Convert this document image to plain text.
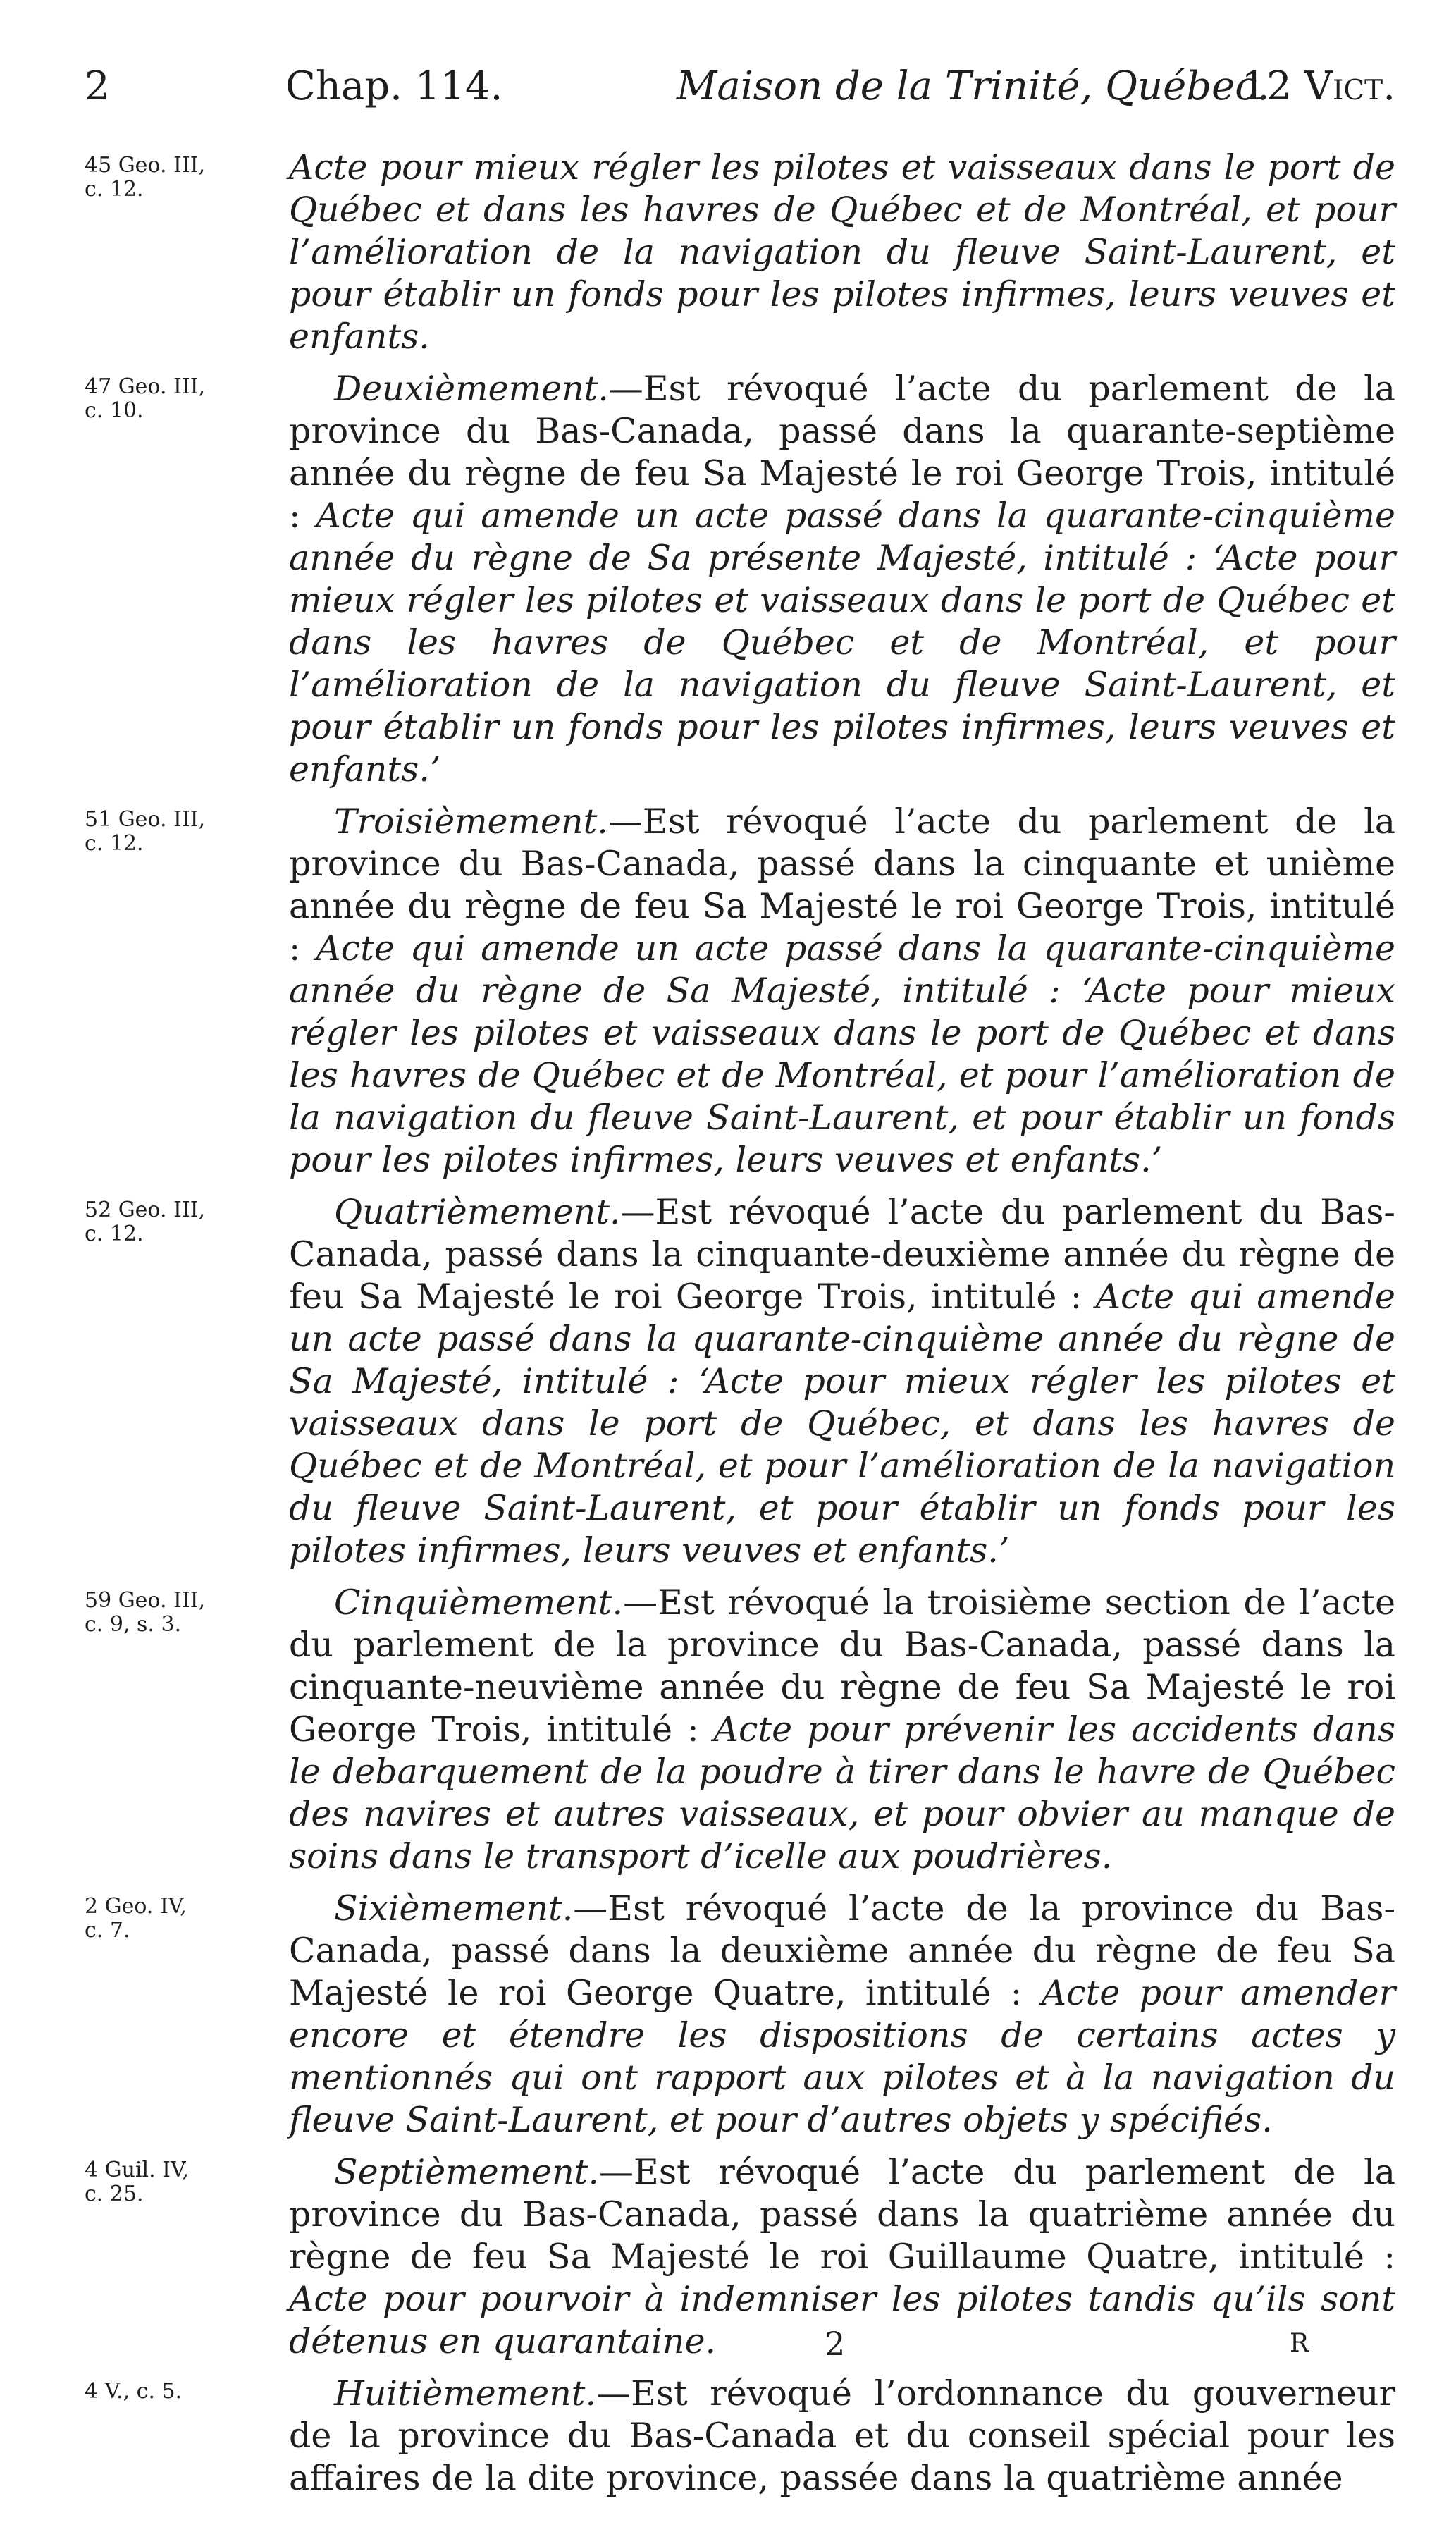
2	Chap. 114.	Maison de la Trinité, Québec.
12 Vict.
45 Geo. III,
c. 12.
Acte pour mieux régler les pilotes et vaisseaux dans le port de Québec et dans les havres de Québec et de Montréal, et pour l’amélioration de la navigation du fleuve Saint-Laurent, et pour établir un fonds pour les pilotes infirmes, leurs veuves et enfants.
47 Geo. III,
c. 10.
Deuxièmement.—Est révoqué l’acte du parlement de la province du Bas-Canada, passé dans la quarante-septième année du règne de feu Sa Majesté le roi George Trois, intitulé : Acte qui amende un acte passé dans la quarante-cinquième année du règne de Sa présente Majesté, intitulé : ‘Acte pour mieux régler les pilotes et vaisseaux dans le port de Québec et dans les havres de Québec et de Montréal, et pour l’amélioration de la navigation du fleuve Saint-Laurent, et pour établir un fonds pour les pilotes infirmes, leurs veuves et enfants.’
51 Geo. III,
c. 12.
Troisièmement.—Est révoqué l’acte du parlement de la province du Bas-Canada, passé dans la cinquante et unième année du règne de feu Sa Majesté le roi George Trois, intitulé : Acte qui amende un acte passé dans la quarante-cinquième année du règne de Sa Majesté, intitulé : ‘Acte pour mieux régler les pilotes et vaisseaux dans le port de Québec et dans les havres de Québec et de Montréal, et pour l’amélioration de la navigation du fleuve Saint-Laurent, et pour établir un fonds pour les pilotes infirmes, leurs veuves et enfants.’
52 Geo. III,
c. 12.
Quatrièmement.—Est révoqué l’acte du parlement du Bas-Canada, passé dans la cinquante-deuxième année du règne de feu Sa Majesté le roi George Trois, intitulé : Acte qui amende un acte passé dans la quarante-cinquième année du règne de Sa Majesté, intitulé : ‘Acte pour mieux régler les pilotes et vaisseaux dans le port de Québec, et dans les havres de Québec et de Montréal, et pour l’amélioration de la navigation du fleuve Saint-Laurent, et pour établir un fonds pour les pilotes infirmes, leurs veuves et enfants.’
59 Geo. III,
c. 9, s. 3.
Cinquièmement.—Est révoqué la troisième section de l’acte du parlement de la province du Bas-Canada, passé dans la cinquante-neuvième année du règne de feu Sa Majesté le roi George Trois, intitulé : Acte pour prévenir les accidents dans le debarquement de la poudre à tirer dans le havre de Québec des navires et autres vaisseaux, et pour obvier au manque de soins dans le transport d’icelle aux poudrières.
2 Geo. IV,
c. 7.
Sixièmement.—Est révoqué l’acte de la province du Bas-Canada, passé dans la deuxième année du règne de feu Sa Majesté le roi George Quatre, intitulé : Acte pour amender encore et étendre les dispositions de certains actes y mentionnés qui ont rapport aux pilotes et à la navigation du fleuve Saint-Laurent, et pour d’autres objets y spécifiés.
4 Guil. IV,
c. 25.
Septièmement.—Est révoqué l’acte du parlement de la province du Bas-Canada, passé dans la quatrième année du règne de feu Sa Majesté le roi Guillaume Quatre, intitulé : Acte pour pourvoir à indemniser les pilotes tandis qu’ils sont détenus en quarantaine.
4 V., c. 5.	Huitièmement.—Est révoqué l’ordonnance du gouverneur de la province du Bas-Canada et du conseil spécial pour les affaires de la dite province, passée dans la quatrième année
2	R
